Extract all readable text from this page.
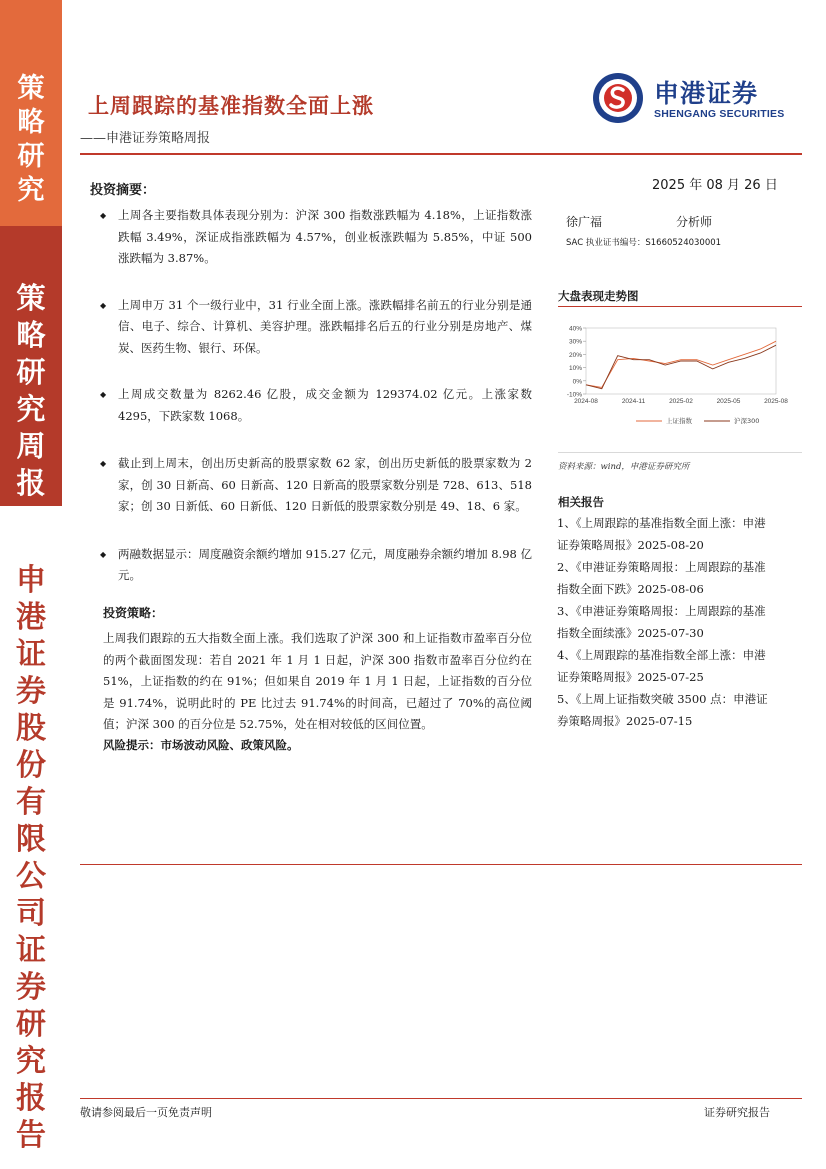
策
略
研
究
策
略
研
究
周
报
申
港
证
券
股
份
有
限
公
司
证
券
研
究
报
告
上周跟踪的基准指数全面上涨
——申港证券策略周报
申港证券
SHENGANG SECURITIES
投资摘要：
◆ 上周各主要指数具体表现分别为：沪深 300 指数涨跌幅为 4.18%，上证指数涨跌幅 3.49%，深证成指涨跌幅为 4.57%，创业板涨跌幅为 5.85%，中证 500 涨跌幅为 3.87%。
◆ 上周申万 31 个一级行业中，31 行业全面上涨。涨跌幅排名前五的行业分别是通信、电子、综合、计算机、美容护理。涨跌幅排名后五的行业分别是房地产、煤炭、医药生物、银行、环保。
◆ 上周成交数量为 8262.46 亿股，成交金额为 129374.02 亿元。上涨家数 4295，下跌家数 1068。
◆ 截止到上周末，创出历史新高的股票家数 62 家，创出历史新低的股票家数为 2 家，创 30 日新高、60 日新高、120 日新高的股票家数分别是 728、613、518 家；创 30 日新低、60 日新低、120 日新低的股票家数分别是 49、18、6 家。
◆ 两融数据显示：周度融资余额约增加 915.27 亿元，周度融券余额约增加 8.98 亿元。
投资策略：
上周我们跟踪的五大指数全面上涨。我们选取了沪深 300 和上证指数市盈率百分位的两个截面图发现：若自 2021 年 1 月 1 日起，沪深 300 指数市盈率百分位约在 51%，上证指数的约在 91%；但如果自 2019 年 1 月 1 日起，上证指数的百分位是 91.74%，说明此时的 PE 比过去 91.74%的时间高，已超过了 70%的高位阈值；沪深 300 的百分位是 52.75%，处在相对较低的区间位置。
风险提示：市场波动风险、政策风险。
2025 年 08 月 26 日
徐广福	分析师
SAC 执业证书编号：S1660524030001
大盘表现走势图
40%
30%
20%
10%
0%
-10%
2024-08	2024-11	2025-02	2025-05	2025-08
上证指数	沪深300
资料来源：wind，申港证券研究所
相关报告
1、《上周跟踪的基准指数全面上涨：申港
证券策略周报》2025-08-20
2、《申港证券策略周报：上周跟踪的基准
指数全面下跌》2025-08-06
3、《申港证券策略周报：上周跟踪的基准
指数全面续涨》2025-07-30
4、《上周跟踪的基准指数全部上涨：申港
证券策略周报》2025-07-25
5、《上周上证指数突破 3500 点：申港证
券策略周报》2025-07-15
敬请参阅最后一页免责声明	证券研究报告
